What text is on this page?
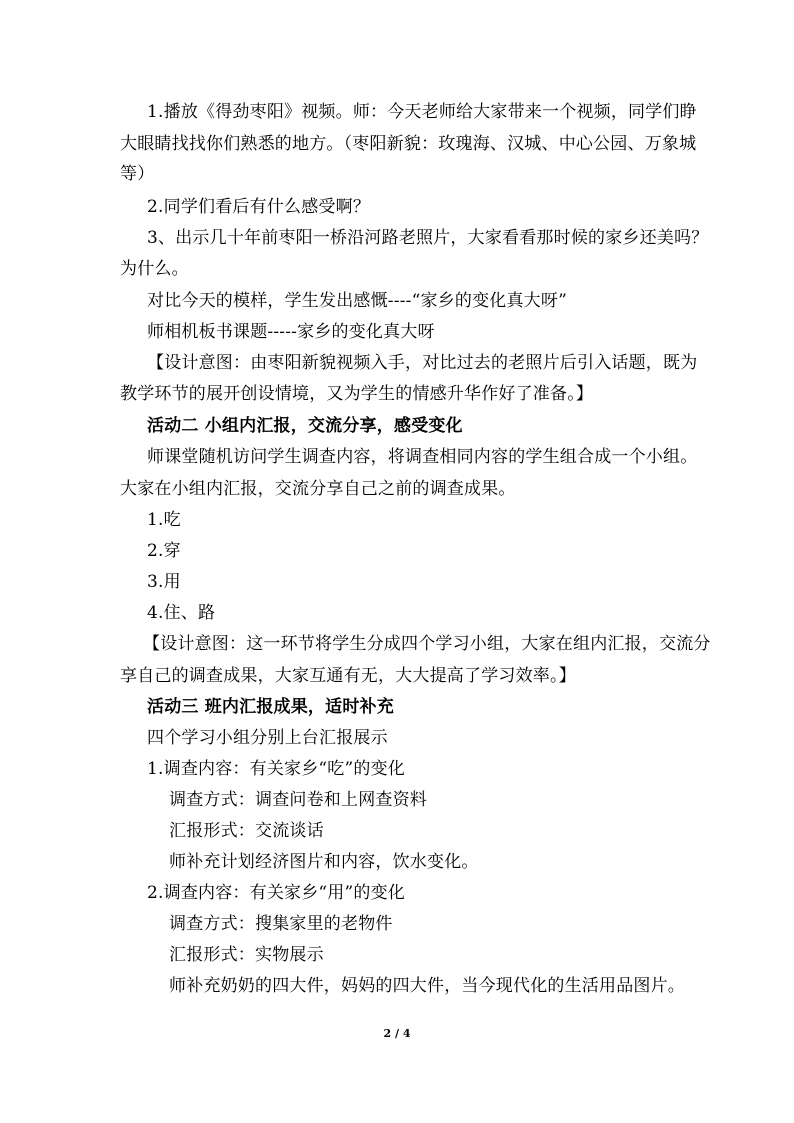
1.播放《得劲枣阳》视频。师：今天老师给大家带来一个视频，同学们睁
大眼睛找找你们熟悉的地方。（枣阳新貌：玫瑰海、汉城、中心公园、万象城
等）
2.同学们看后有什么感受啊？
3、出示几十年前枣阳一桥沿河路老照片，大家看看那时候的家乡还美吗？
为什么。
对比今天的模样，学生发出感慨----“家乡的变化真大呀”
师相机板书课题-----家乡的变化真大呀
【设计意图：由枣阳新貌视频入手，对比过去的老照片后引入话题，既为
教学环节的展开创设情境，又为学生的情感升华作好了准备。】
活动二 小组内汇报，交流分享，感受变化
师课堂随机访问学生调查内容，将调查相同内容的学生组合成一个小组。
大家在小组内汇报，交流分享自己之前的调查成果。
1.吃
2.穿
3.用
4.住、路
【设计意图：这一环节将学生分成四个学习小组，大家在组内汇报，交流分
享自己的调查成果，大家互通有无，大大提高了学习效率。】
活动三 班内汇报成果，适时补充
四个学习小组分别上台汇报展示
1.调查内容：有关家乡“吃”的变化
调查方式：调查问卷和上网查资料
汇报形式：交流谈话
师补充计划经济图片和内容，饮水变化。
2.调查内容：有关家乡“用”的变化
调查方式：搜集家里的老物件
汇报形式：实物展示
师补充奶奶的四大件，妈妈的四大件，当今现代化的生活用品图片。
2 / 4
